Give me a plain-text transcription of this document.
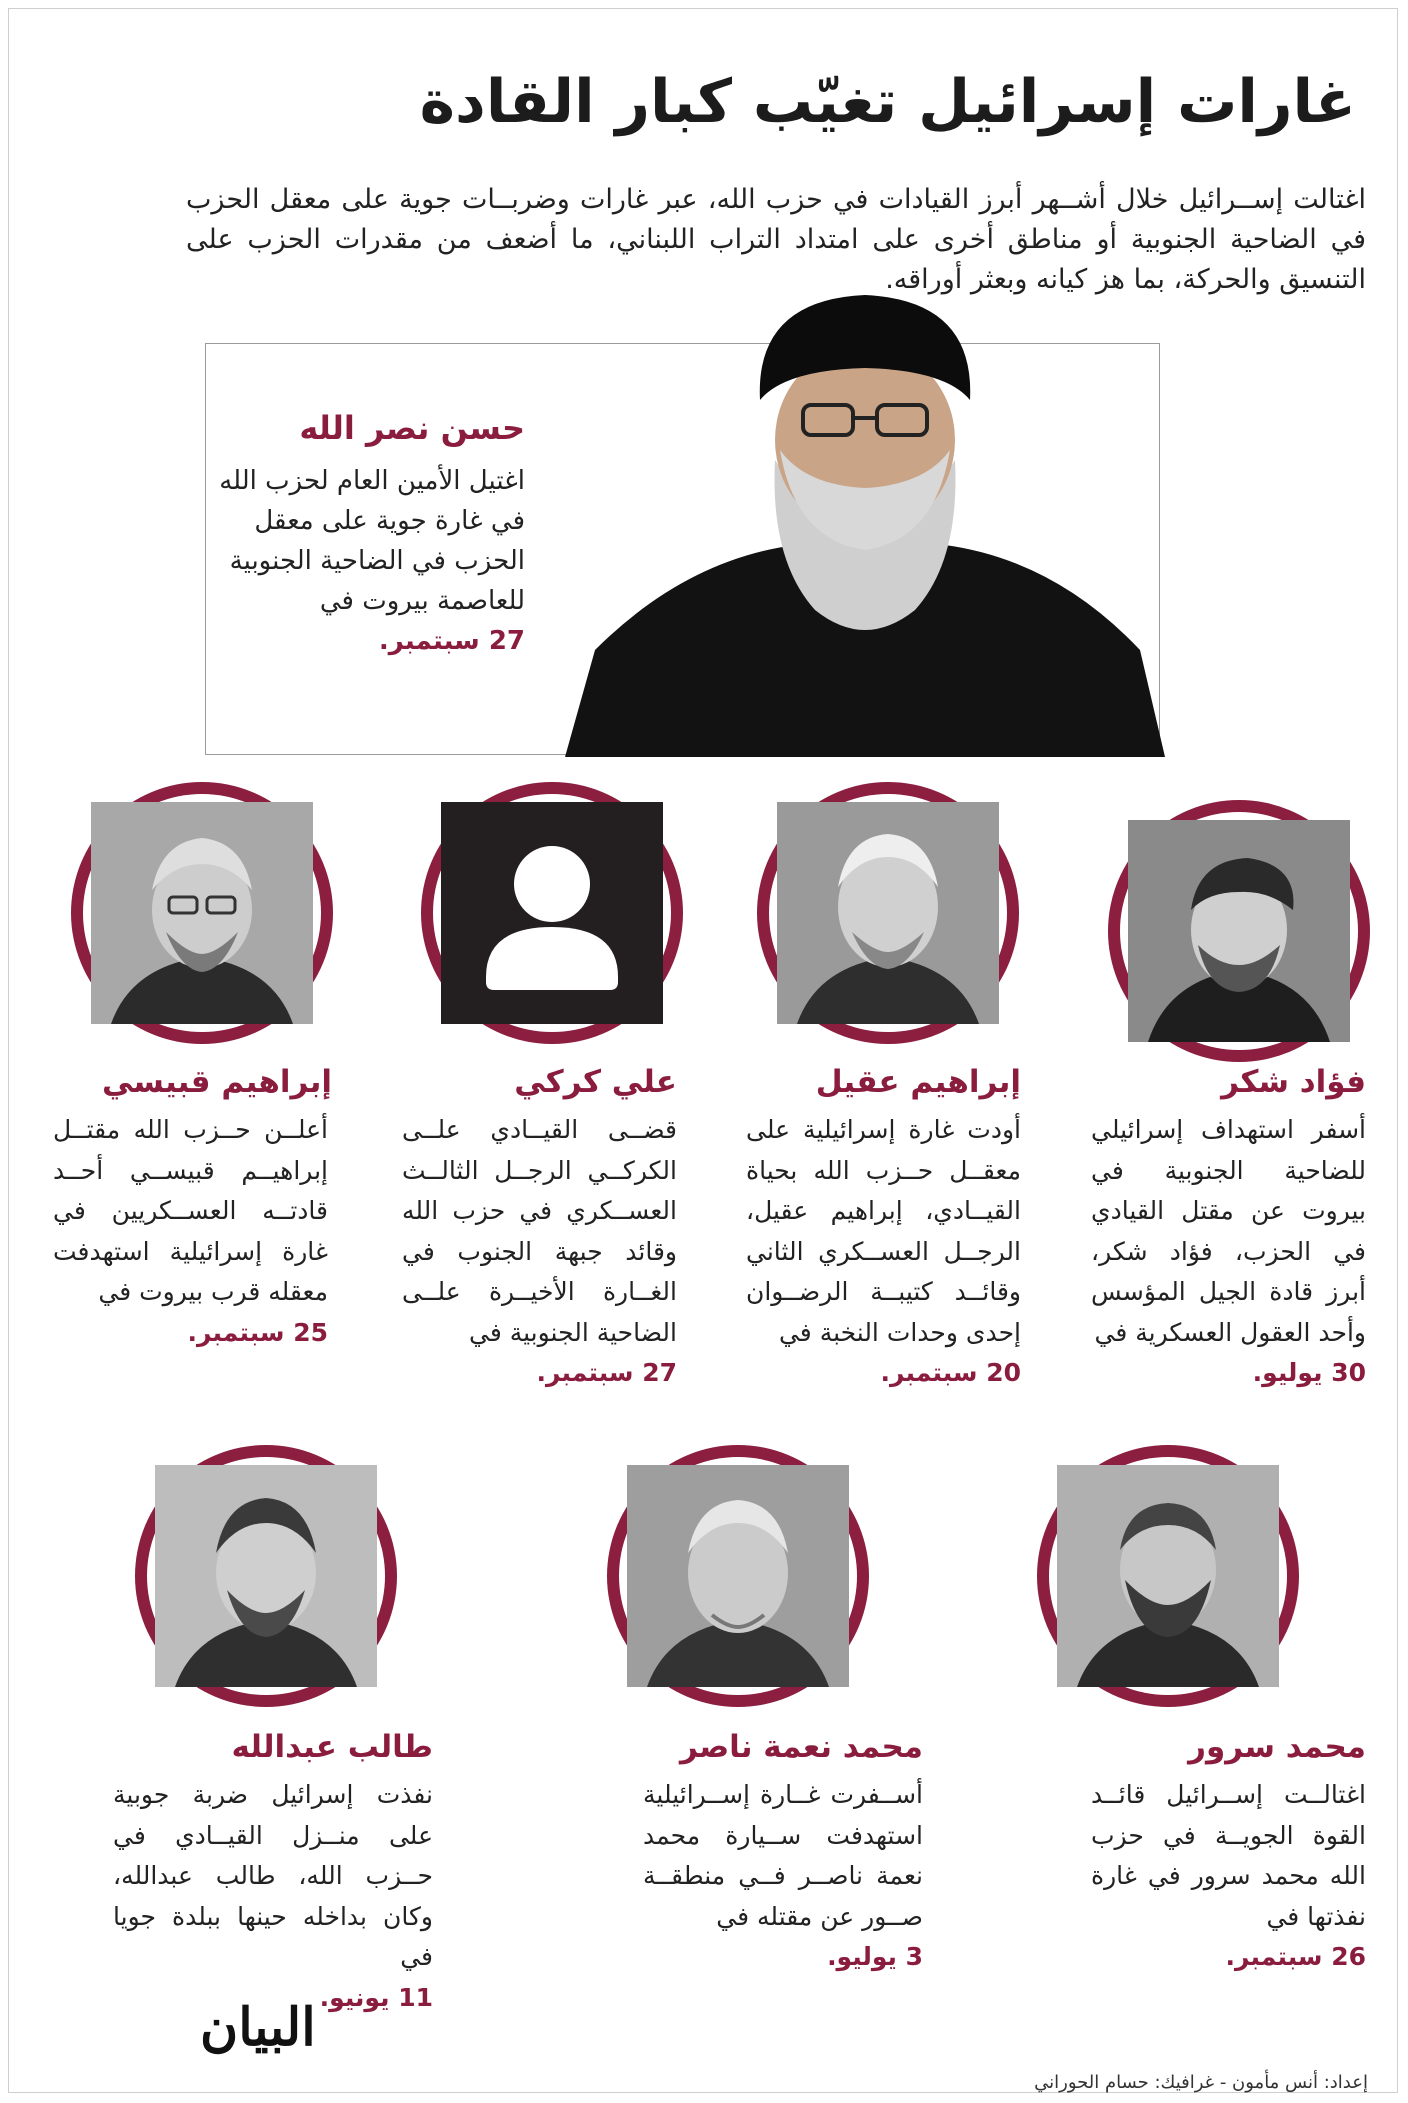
غارات إسرائيل تغيّب كبار القادة

اغتالت إســرائيل خلال أشــهر أبرز القيادات في حزب الله، عبر غارات وضربــات جوية على معقل الحزب في الضاحية الجنوبية أو مناطق أخرى على امتداد التراب اللبناني، ما أضعف من مقدرات الحزب على التنسيق والحركة، بما هز كيانه وبعثر أوراقه.

حسن نصر الله
اغتيل الأمين العام لحزب الله في غارة جوية على معقل الحزب في الضاحية الجنوبية للعاصمة بيروت في
27 سبتمبر.
فؤاد شكر
أسفر استهداف إسرائيلي للضاحية الجنوبية في بيروت عن مقتل القيادي في الحزب، فؤاد شكر، أبرز قادة الجيل المؤسس وأحد العقول العسكرية في
30 يوليو.
إبراهيم عقيل
أودت غارة إسرائيلية على معقــل حــزب الله بحياة القيــادي، إبراهيم عقيل، الرجــل العســكري الثاني وقائــد كتيبــة الرضــوان إحدى وحدات النخبة في
20 سبتمبر.
علي كركي
قضــى القيــادي علــى الكركــي الرجــل الثالــث العســكري في حزب الله وقائد جبهة الجنوب في الغــارة الأخيــرة علــى الضاحية الجنوبية في
27 سبتمبر.
إبراهيم قبيسي
أعلــن حــزب الله مقتــل إبراهيــم قبيســي أحــد قادتــه العســكريين في غارة إسرائيلية استهدفت معقله قرب بيروت في
25 سبتمبر.
محمد سرور
اغتالــت إســرائيل قائــد القوة الجويــة في حزب الله محمد سرور في غارة نفذتها في
26 سبتمبر.
محمد نعمة ناصر
أســفرت غــارة إســرائيلية استهدفت ســيارة محمد نعمة ناصــر فــي منطقــة صــور عن مقتله في
3 يوليو.
طالب عبدالله
نفذت إسرائيل ضربة جوبية على منــزل القيــادي في حــزب الله، طالب عبدالله، وكان بداخله حينها ببلدة جويا في
11 يونيو.
البيان
إعداد: أنس مأمون - غرافيك: حسام الحوراني
